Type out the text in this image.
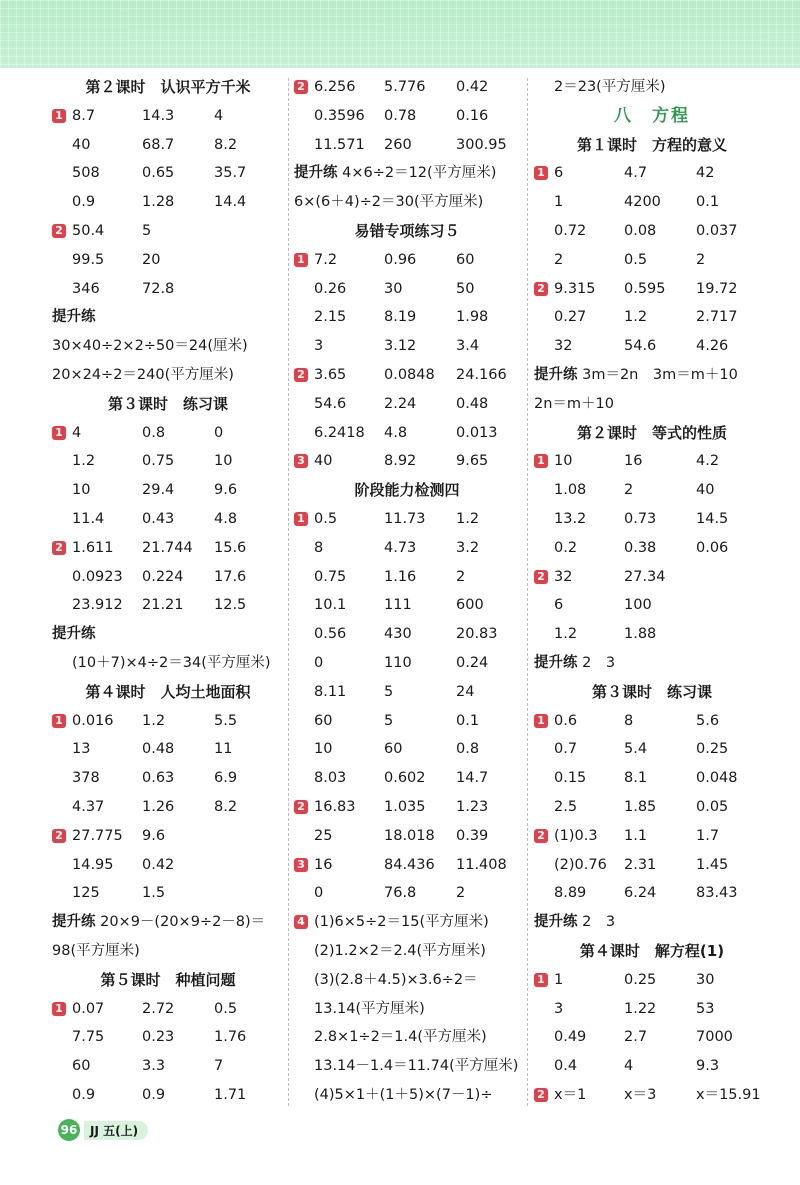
第２课时　认识平方千米
1 8.7	14.3	4
40	68.7	8.2
508	0.65	35.7
0.9	1.28	14.4
2 50.4	5
99.5	20
346	72.8
提升练
30×40÷2×2÷50＝24(厘米)
20×24÷2＝240(平方厘米)
第３课时　练习课
1 4	0.8	0
1.2	0.75	10
10	29.4	9.6
11.4	0.43	4.8
2 1.611 21.744 15.6
0.0923 0.224 17.6
23.912 21.21 12.5
提升练
(10＋7)×4÷2＝34(平方厘米)
第４课时　人均土地面积
1 0.016 1.2	5.5
13	0.48	11
378	0.63	6.9
4.37	1.26	8.2
2 27.775 9.6
14.95 0.42
125	1.5
提升练 20×9－(20×9÷2－8)＝
98(平方厘米)
第５课时　种植问题
1 0.07	2.72	0.5
7.75	0.23	1.76
60	3.3	7
0.9	0.9	1.71
2 6.256 5.776 0.42
0.3596 0.78	0.16
11.571 260	300.95
提升练 4×6÷2＝12(平方厘米)
6×(6＋4)÷2＝30(平方厘米)
易错专项练习５
1 7.2	0.96	60
0.26	30	50
2.15	8.19	1.98
3	3.12	3.4
2 3.65	0.0848 24.166
54.6	2.24	0.48
6.2418 4.8	0.013
3 40	8.92	9.65
阶段能力检测四
1 0.5	11.73 1.2
8	4.73	3.2
0.75	1.16	2
10.1	111	600
0.56	430	20.83
0	110	0.24
8.11	5	24
60	5	0.1
10	60	0.8
8.03	0.602 14.7
2 16.83 1.035 1.23
25	18.018 0.39
3 16	84.436 11.408
0	76.8	2
4 (1)6×5÷2＝15(平方厘米)
(2)1.2×2＝2.4(平方厘米)
(3)(2.8＋4.5)×3.6÷2＝
13.14(平方厘米)
2.8×1÷2＝1.4(平方厘米)
13.14－1.4＝11.74(平方厘米)
(4)5×1＋(1＋5)×(7－1)÷
2＝23(平方厘米)
八　方程
第１课时　方程的意义
1 6	4.7	42
1	4200 0.1
0.72	0.08	0.037
2	0.5	2
2 9.315 0.595 19.72
0.27	1.2	2.717
32	54.6	4.26
提升练 3m＝2n　3m＝m＋10
2n＝m＋10
第２课时　等式的性质
1 10	16	4.2
1.08	2	40
13.2	0.73	14.5
0.2	0.38	0.06
2 32	27.34
6	100
1.2	1.88
提升练 2　3
第３课时　练习课
1 0.6	8	5.6
0.7	5.4	0.25
0.15	8.1	0.048
2.5	1.85	0.05
2 (1)0.3 1.1	1.7
(2)0.76 2.31	1.45
8.89	6.24	83.43
提升练 2　3
第４课时　解方程(1)
1 1	0.25	30
3	1.22	53
0.49	2.7	7000
0.4	4	9.3
2 x＝1	x＝3	x＝15.91
96	JJ 五(上)
